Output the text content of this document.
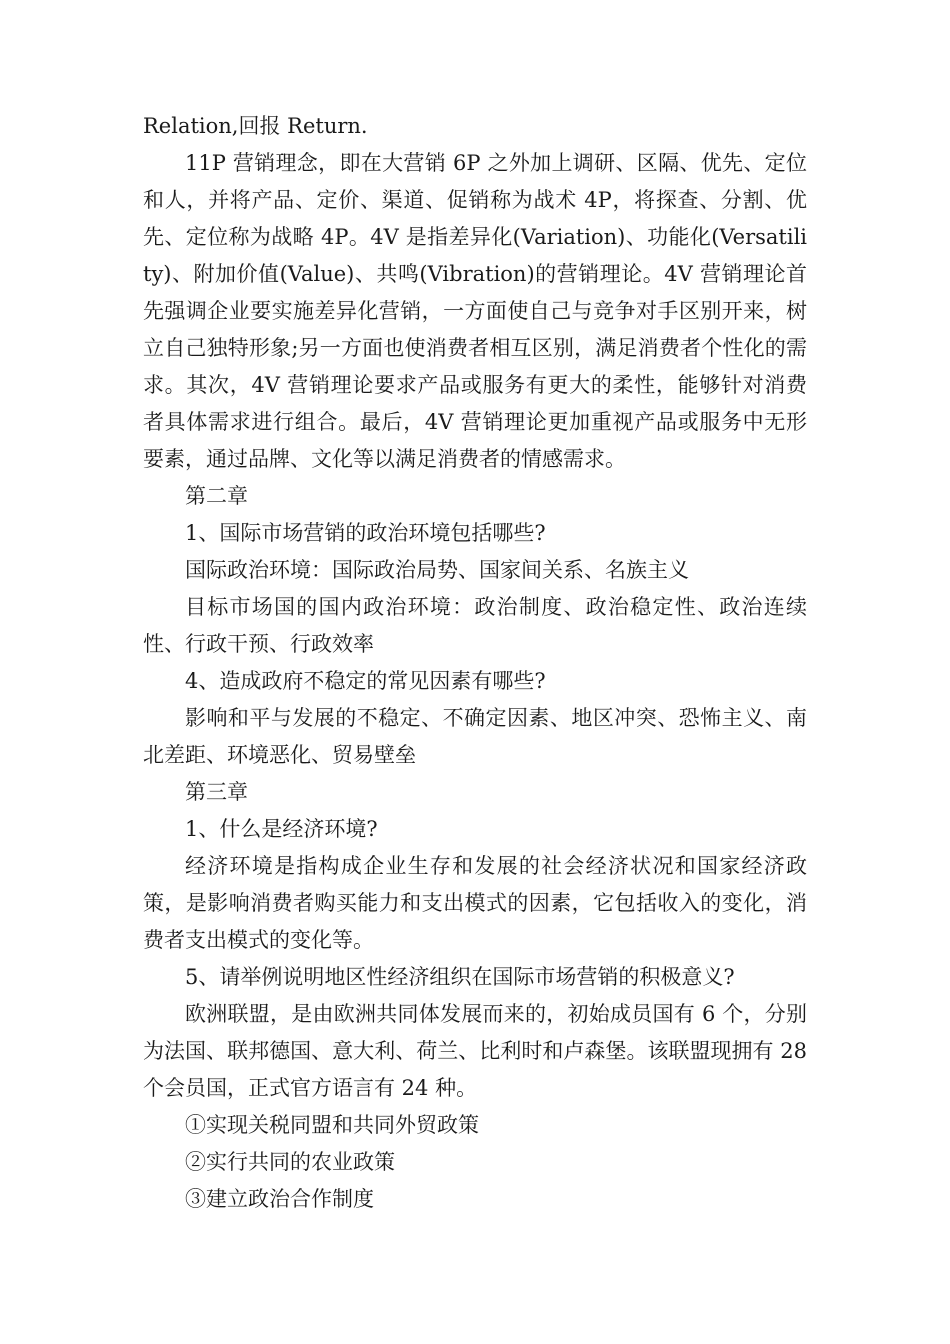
Relation,回报 Return.

11P 营销理念，即在大营销 6P 之外加上调研、区隔、优先、定位和人，并将产品、定价、渠道、促销称为战术 4P，将探查、分割、优先、定位称为战略 4P。4V 是指差异化(Variation)、功能化(Versatility)、附加价值(Value)、共鸣(Vibration)的营销理论。4V 营销理论首先强调企业要实施差异化营销，一方面使自己与竞争对手区别开来，树立自己独特形象;另一方面也使消费者相互区别，满足消费者个性化的需求。其次，4V 营销理论要求产品或服务有更大的柔性，能够针对消费者具体需求进行组合。最后，4V 营销理论更加重视产品或服务中无形要素，通过品牌、文化等以满足消费者的情感需求。

第二章

1、国际市场营销的政治环境包括哪些?

国际政治环境：国际政治局势、国家间关系、名族主义

目标市场国的国内政治环境：政治制度、政治稳定性、政治连续性、行政干预、行政效率

4、造成政府不稳定的常见因素有哪些?

影响和平与发展的不稳定、不确定因素、地区冲突、恐怖主义、南北差距、环境恶化、贸易壁垒

第三章

1、什么是经济环境?

经济环境是指构成企业生存和发展的社会经济状况和国家经济政策，是影响消费者购买能力和支出模式的因素，它包括收入的变化，消费者支出模式的变化等。

5、请举例说明地区性经济组织在国际市场营销的积极意义?

欧洲联盟，是由欧洲共同体发展而来的，初始成员国有 6 个，分别为法国、联邦德国、意大利、荷兰、比利时和卢森堡。该联盟现拥有 28 个会员国，正式官方语言有 24 种。

①实现关税同盟和共同外贸政策

②实行共同的农业政策

③建立政治合作制度
